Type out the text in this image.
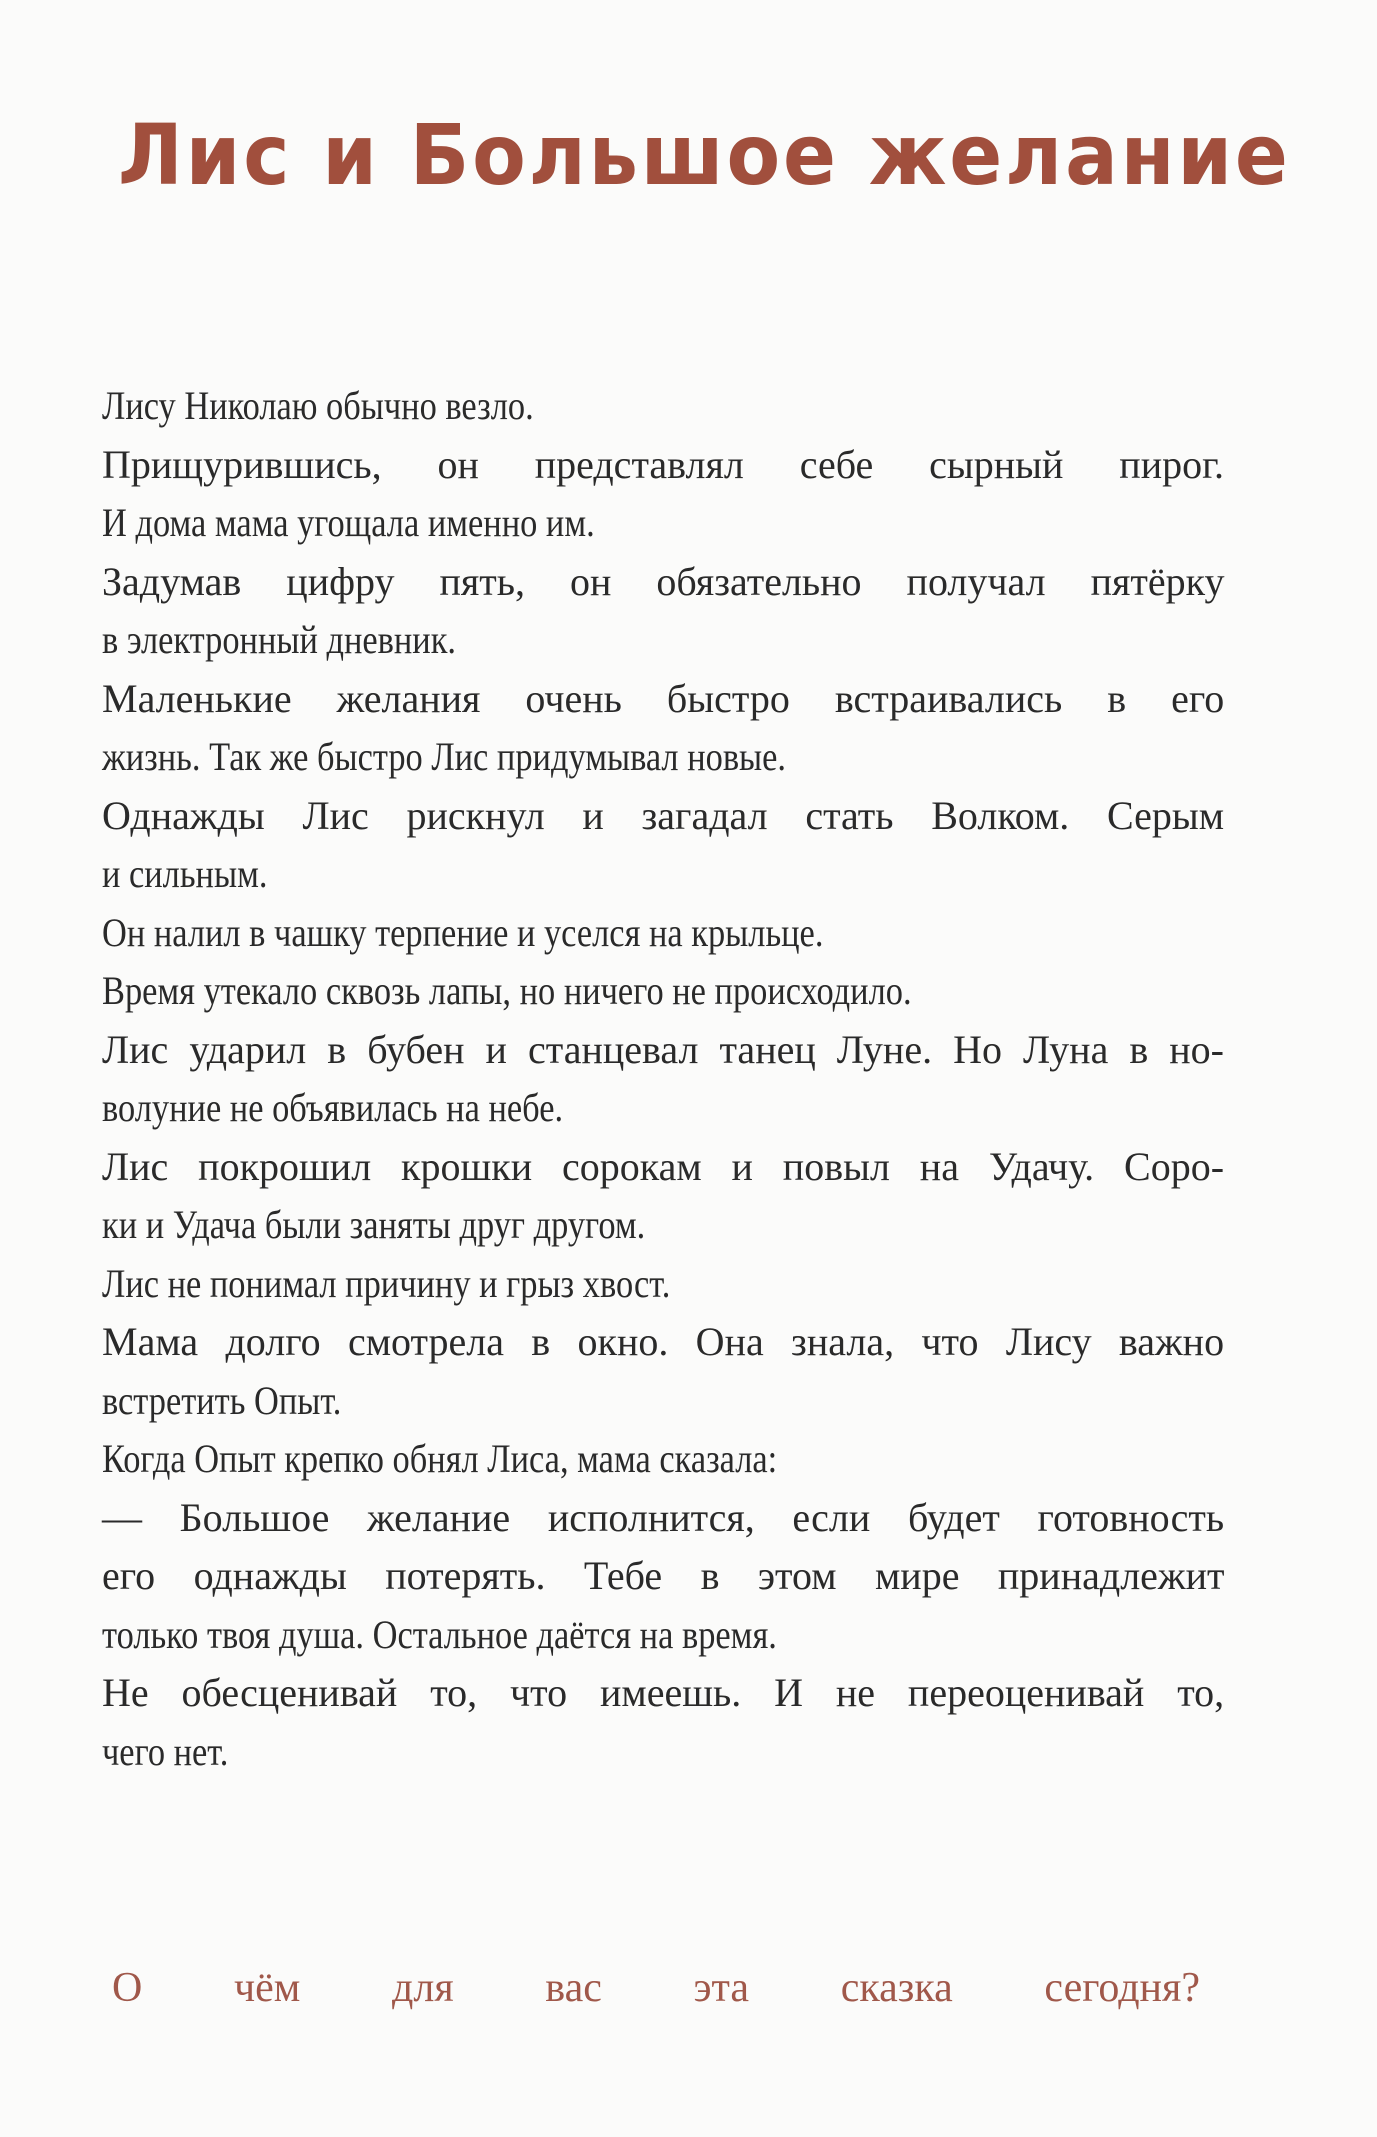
Лис и Большое желание
Лису Николаю обычно везло.
Прищурившись, он представлял себе сырный пирог.
И дома мама угощала именно им.
Задумав цифру пять, он обязательно получал пятёрку
в электронный дневник.
Маленькие желания очень быстро встраивались в его
жизнь. Так же быстро Лис придумывал новые.
Однажды Лис рискнул и загадал стать Волком. Серым
и сильным.
Он налил в чашку терпение и уселся на крыльце.
Время утекало сквозь лапы, но ничего не происходило.
Лис ударил в бубен и станцевал танец Луне. Но Луна в но-
волуние не объявилась на небе.
Лис покрошил крошки сорокам и повыл на Удачу. Соро-
ки и Удача были заняты друг другом.
Лис не понимал причину и грыз хвост.
Мама долго смотрела в окно. Она знала, что Лису важно
встретить Опыт.
Когда Опыт крепко обнял Лиса, мама сказала:
— Большое желание исполнится, если будет готовность
его однажды потерять. Тебе в этом мире принадлежит
только твоя душа. Остальное даётся на время.
Не обесценивай то, что имеешь. И не переоценивай то,
чего нет.
О чём для вас эта сказка сегодня?
